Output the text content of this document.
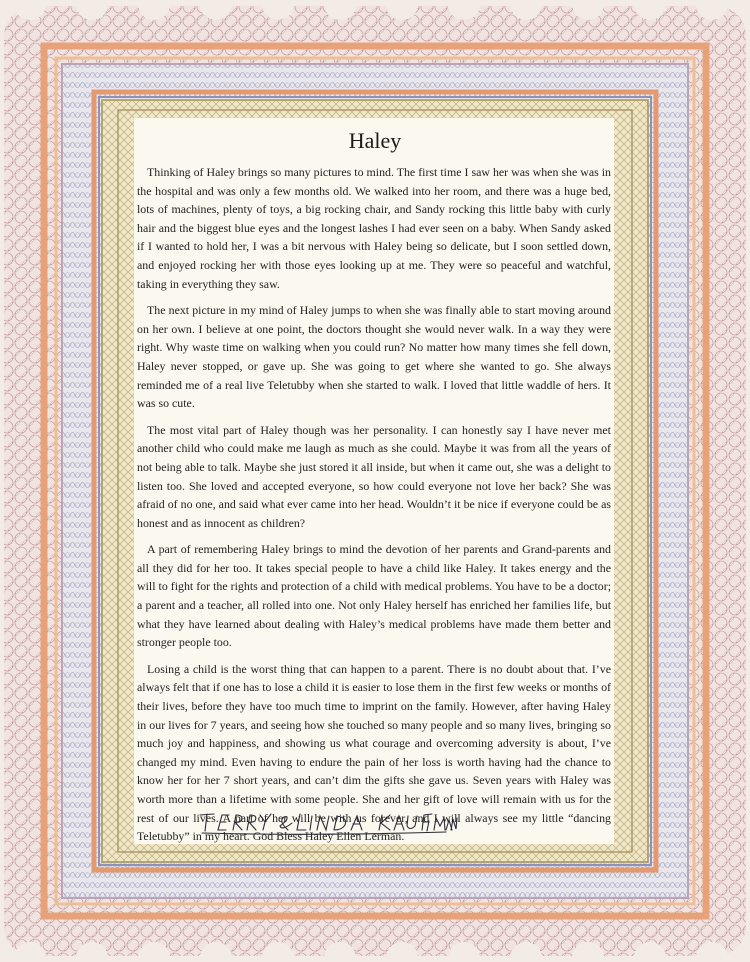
Haley

Thinking of Haley brings so many pictures to mind. The first time I saw her was when she was in the hospital and was only a few months old. We walked into her room, and there was a huge bed, lots of machines, plenty of toys, a big rocking chair, and Sandy rocking this little baby with curly hair and the biggest blue eyes and the longest lashes I had ever seen on a baby. When Sandy asked if I wanted to hold her, I was a bit nervous with Haley being so delicate, but I soon settled down, and enjoyed rocking her with those eyes looking up at me. They were so peaceful and watchful, taking in everything they saw.

The next picture in my mind of Haley jumps to when she was finally able to start moving around on her own. I believe at one point, the doctors thought she would never walk. In a way they were right. Why waste time on walking when you could run? No matter how many times she fell down, Haley never stopped, or gave up. She was going to get where she wanted to go. She always reminded me of a real live Teletubby when she started to walk. I loved that little waddle of hers. It was so cute.

The most vital part of Haley though was her personality. I can honestly say I have never met another child who could make me laugh as much as she could. Maybe it was from all the years of not being able to talk. Maybe she just stored it all inside, but when it came out, she was a delight to listen too. She loved and accepted everyone, so how could everyone not love her back? She was afraid of no one, and said what ever came into her head. Wouldn’t it be nice if everyone could be as honest and as innocent as children?

A part of remembering Haley brings to mind the devotion of her parents and Grand-parents and all they did for her too. It takes special people to have a child like Haley. It takes energy and the will to fight for the rights and protection of a child with medical problems. You have to be a doctor; a parent and a teacher, all rolled into one. Not only Haley herself has enriched her families life, but what they have learned about dealing with Haley’s medical problems have made them better and stronger people too.

Losing a child is the worst thing that can happen to a parent. There is no doubt about that. I’ve always felt that if one has to lose a child it is easier to lose them in the first few weeks or months of their lives, before they have too much time to imprint on the family. However, after having Haley in our lives for 7 years, and seeing how she touched so many people and so many lives, bringing so much joy and happiness, and showing us what courage and overcoming adversity is about, I’ve changed my mind. Even having to endure the pain of her loss is worth having had the chance to know her for her 7 short years, and can’t dim the gifts she gave us. Seven years with Haley was worth more than a lifetime with some people. She and her gift of love will remain with us for the rest of our lives. A part of her will be with us forever, and I will always see my little “dancing Teletubby” in my heart. God Bless Haley Ellen Lerman.
